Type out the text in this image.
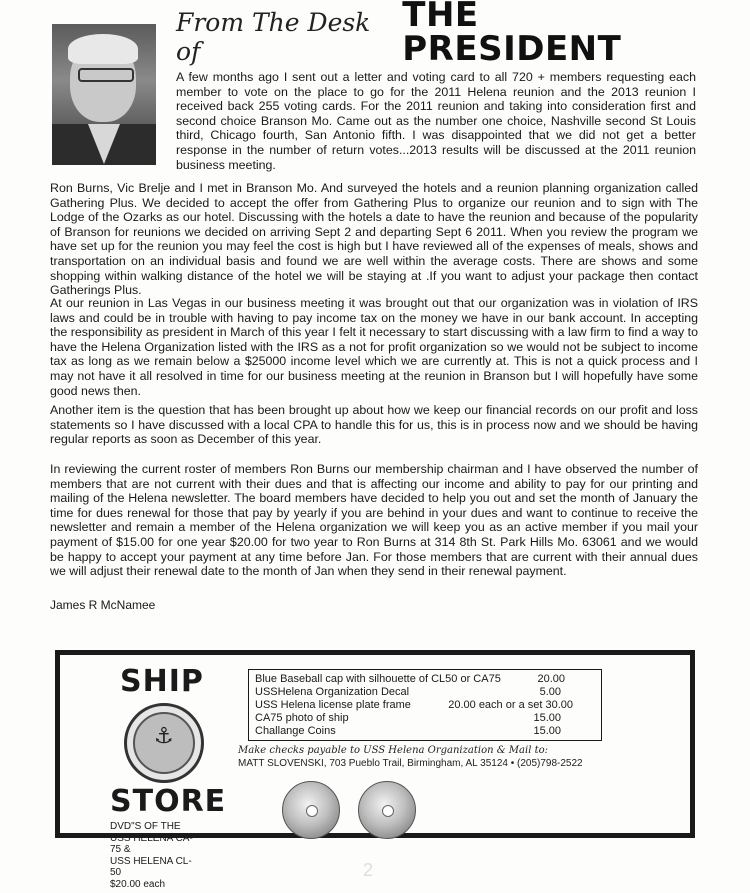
From The Desk of
THE PRESIDENT

A few months ago I sent out a letter and voting card to all 720 + members requesting each member to vote on the place to go for the 2011 Helena reunion and the 2013 reunion I received back 255 voting cards. For the 2011 reunion and taking into consideration first and second choice Branson Mo. Came out as the number one choice, Nashville second St Louis third, Chicago fourth, San Antonio fifth. I was disappointed that we did not get a better response in the number of return votes...2013 results will be discussed at the 2011 reunion business meeting.

Ron Burns, Vic Brelje and I met in Branson Mo. And surveyed the hotels and a reunion planning organization called Gathering Plus. We decided to accept the offer from Gathering Plus to organize our reunion and to sign with The Lodge of the Ozarks as our hotel. Discussing with the hotels a date to have the reunion and because of the popularity of Branson for reunions we decided on arriving Sept 2 and departing Sept 6 2011. When you review the program we have set up for the reunion you may feel the cost is high but I have reviewed all of the expenses of meals, shows and transportation on an individual basis and found we are well within the average costs. There are shows and some shopping within walking distance of the hotel we will be staying at .If you want to adjust your package then contact Gatherings Plus.

At our reunion in Las Vegas in our business meeting it was brought out that our organization was in violation of IRS laws and could be in trouble with having to pay income tax on the money we have in our bank account. In accepting the responsibility as president in March of this year I felt it necessary to start discussing with a law firm to find a way to have the Helena Organization listed with the IRS as a not for profit organization so we would not be subject to income tax as long as we remain below a $25000 income level which we are currently at. This is not a quick process and I may not have it all resolved in time for our business meeting at the reunion in Branson but I will hopefully have some good news then.

Another item is the question that has been brought up about how we keep our financial records on our profit and loss statements so I have discussed with a local CPA to handle this for us, this is in process now and we should be having regular reports as soon as December of this year.

In reviewing the current roster of members Ron Burns our membership chairman and I have observed the number of members that are not current with their dues and that is affecting our income and ability to pay for our printing and mailing of the Helena newsletter. The board members have decided to help you out and set the month of January the time for dues renewal for those that pay by yearly if you are behind in your dues and want to continue to receive the newsletter and remain a member of the Helena organization we will keep you as an active member if you mail your payment of $15.00 for one year $20.00 for two year to Ron Burns at 314 8th St. Park Hills Mo. 63061 and we would be happy to accept your payment at any time before Jan. For those members that are current with their annual dues we will adjust their renewal date to the month of Jan when they send in their renewal payment.

James R McNamee
SHIP
⚓
STORE
DVD"S OF THE
USS HELENA CA-75 &
USS HELENA CL-50
$20.00 each
Blue Baseball cap with silhouette of CL50 or CA75	20.00
USSHelena Organization Decal	5.00
USS Helena license plate frame	20.00 each or a set 30.00
CA75 photo of ship	15.00
Challange Coins	15.00
Make checks payable to USS Helena Organization & Mail to:
MATT SLOVENSKI, 703 Pueblo Trail, Birmingham, AL 35124 • (205)798-2522
2
